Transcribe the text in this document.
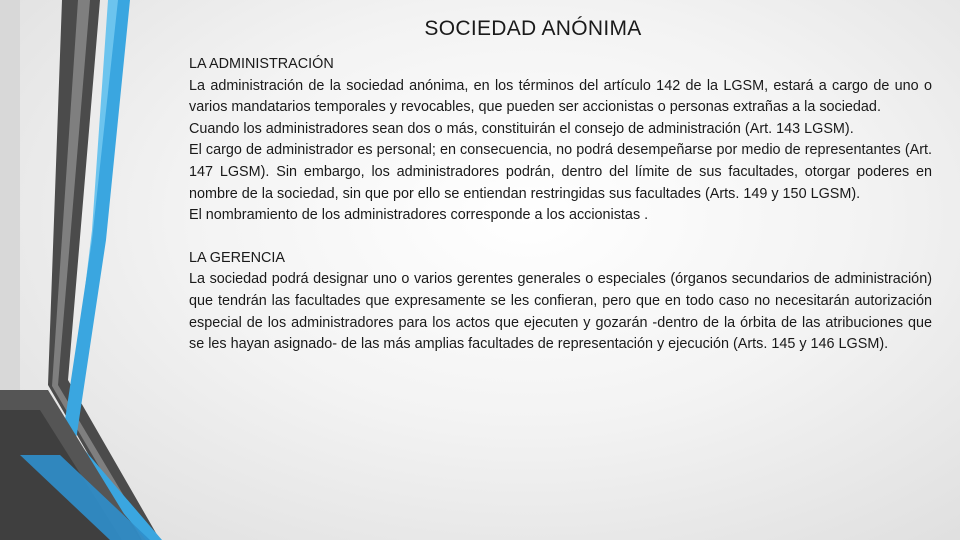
SOCIEDAD ANÓNIMA

LA ADMINISTRACIÓN

La administración de la sociedad anónima, en los términos del artículo 142 de la LGSM, estará a cargo de uno o varios mandatarios temporales y revocables, que pueden ser accionistas o personas extrañas a la sociedad.

Cuando los administradores sean dos o más, constituirán el consejo de administración (Art. 143 LGSM).

El cargo de administrador es personal; en consecuencia, no podrá desempeñarse por medio de representantes (Art. 147 LGSM). Sin embargo, los administradores podrán, dentro del límite de sus facultades, otorgar poderes en nombre de la sociedad, sin que por ello se entiendan restringidas sus facultades (Arts. 149 y 150 LGSM).

El nombramiento de los administradores corresponde a los accionistas .

LA GERENCIA

La sociedad podrá designar uno o varios gerentes generales o especiales (órganos secundarios de administración) que tendrán las facultades que expresamente se les confieran, pero que en todo caso no necesitarán autorización especial de los administradores para los actos que ejecuten y gozarán -dentro de la órbita de las atribuciones que se les hayan asignado- de las más amplias facultades de representación y ejecución (Arts. 145 y 146 LGSM).
